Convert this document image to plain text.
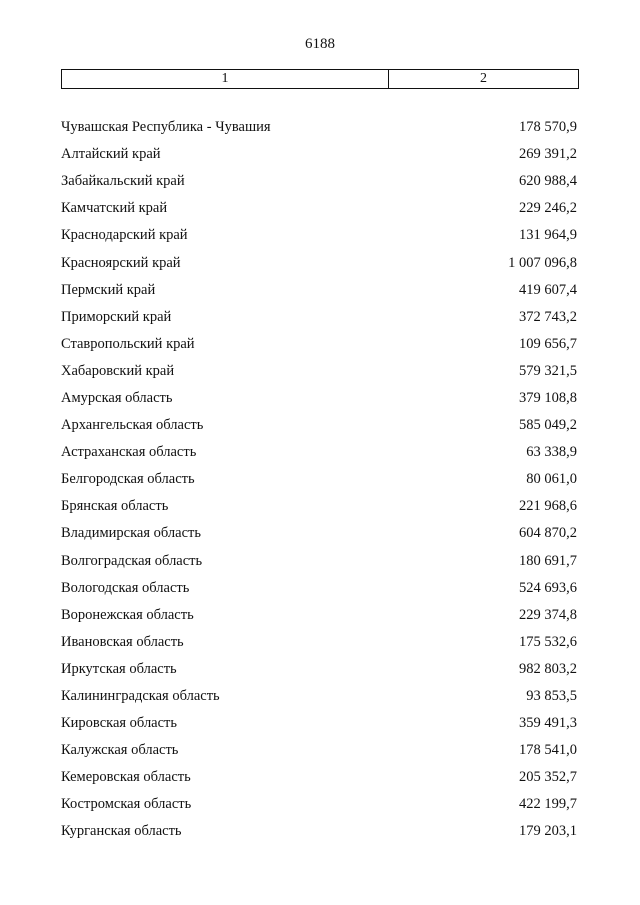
6188
1	2
Чувашская Республика - Чувашия	178 570,9
Алтайский край	269 391,2
Забайкальский край	620 988,4
Камчатский край	229 246,2
Краснодарский край	131 964,9
Красноярский край	1 007 096,8
Пермский край	419 607,4
Приморский край	372 743,2
Ставропольский край	109 656,7
Хабаровский край	579 321,5
Амурская область	379 108,8
Архангельская область	585 049,2
Астраханская область	63 338,9
Белгородская область	80 061,0
Брянская область	221 968,6
Владимирская область	604 870,2
Волгоградская область	180 691,7
Вологодская область	524 693,6
Воронежская область	229 374,8
Ивановская область	175 532,6
Иркутская область	982 803,2
Калининградская область	93 853,5
Кировская область	359 491,3
Калужская область	178 541,0
Кемеровская область	205 352,7
Костромская область	422 199,7
Курганская область	179 203,1
